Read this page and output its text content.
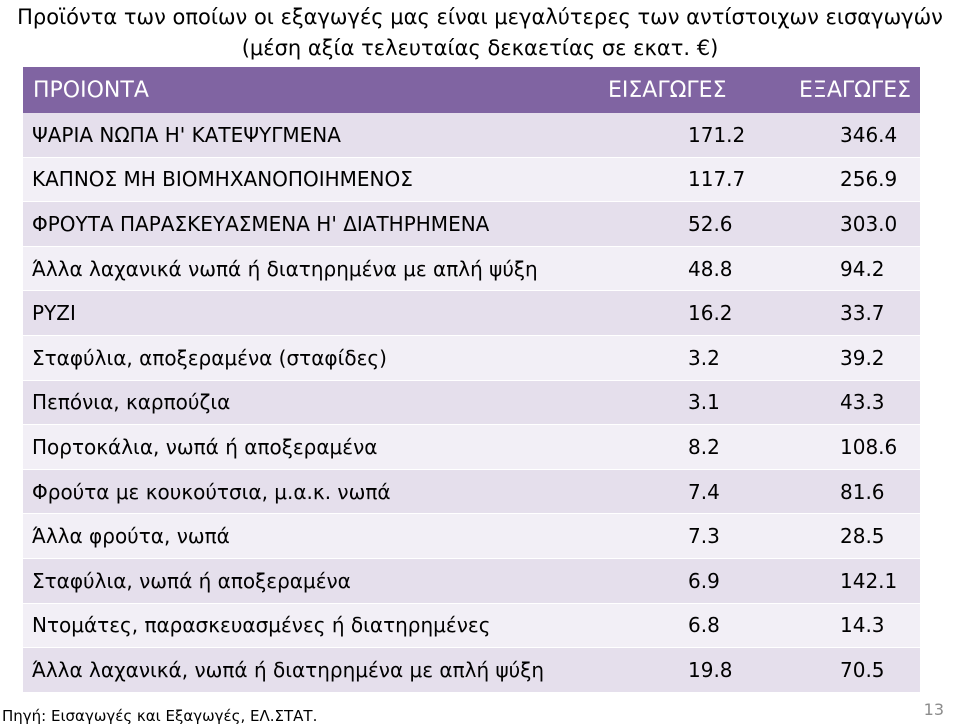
Προϊόντα των οποίων οι εξαγωγές μας είναι μεγαλύτερες των αντίστοιχων εισαγωγών
(μέση αξία τελευταίας δεκαετίας σε εκατ. €)
ΠΡΟΙΟΝΤΑ	ΕΙΣΑΓΩΓΕΣ	ΕΞΑΓΩΓΕΣ
ΨΑΡΙΑ ΝΩΠΑ Η' ΚΑΤΕΨΥΓΜΕΝΑ	171.2	346.4
ΚΑΠΝΟΣ ΜΗ ΒΙΟΜΗΧΑΝΟΠΟΙΗΜΕΝΟΣ	117.7	256.9
ΦΡΟΥΤΑ ΠΑΡΑΣΚΕΥΑΣΜΕΝΑ Η' ΔΙΑΤΗΡΗΜΕΝΑ	52.6	303.0
Άλλα λαχανικά νωπά ή διατηρημένα με απλή ψύξη	48.8	94.2
ΡΥΖΙ	16.2	33.7
Σταφύλια, αποξεραμένα (σταφίδες)	3.2	39.2
Πεπόνια, καρπούζια	3.1	43.3
Πορτοκάλια, νωπά ή αποξεραμένα	8.2	108.6
Φρούτα με κουκούτσια, μ.α.κ. νωπά	7.4	81.6
Άλλα φρούτα, νωπά	7.3	28.5
Σταφύλια, νωπά ή αποξεραμένα	6.9	142.1
Ντομάτες, παρασκευασμένες ή διατηρημένες	6.8	14.3
Άλλα λαχανικά, νωπά ή διατηρημένα με απλή ψύξη	19.8	70.5
Πηγή: Εισαγωγές και Εξαγωγές, ΕΛ.ΣΤΑΤ.	13
